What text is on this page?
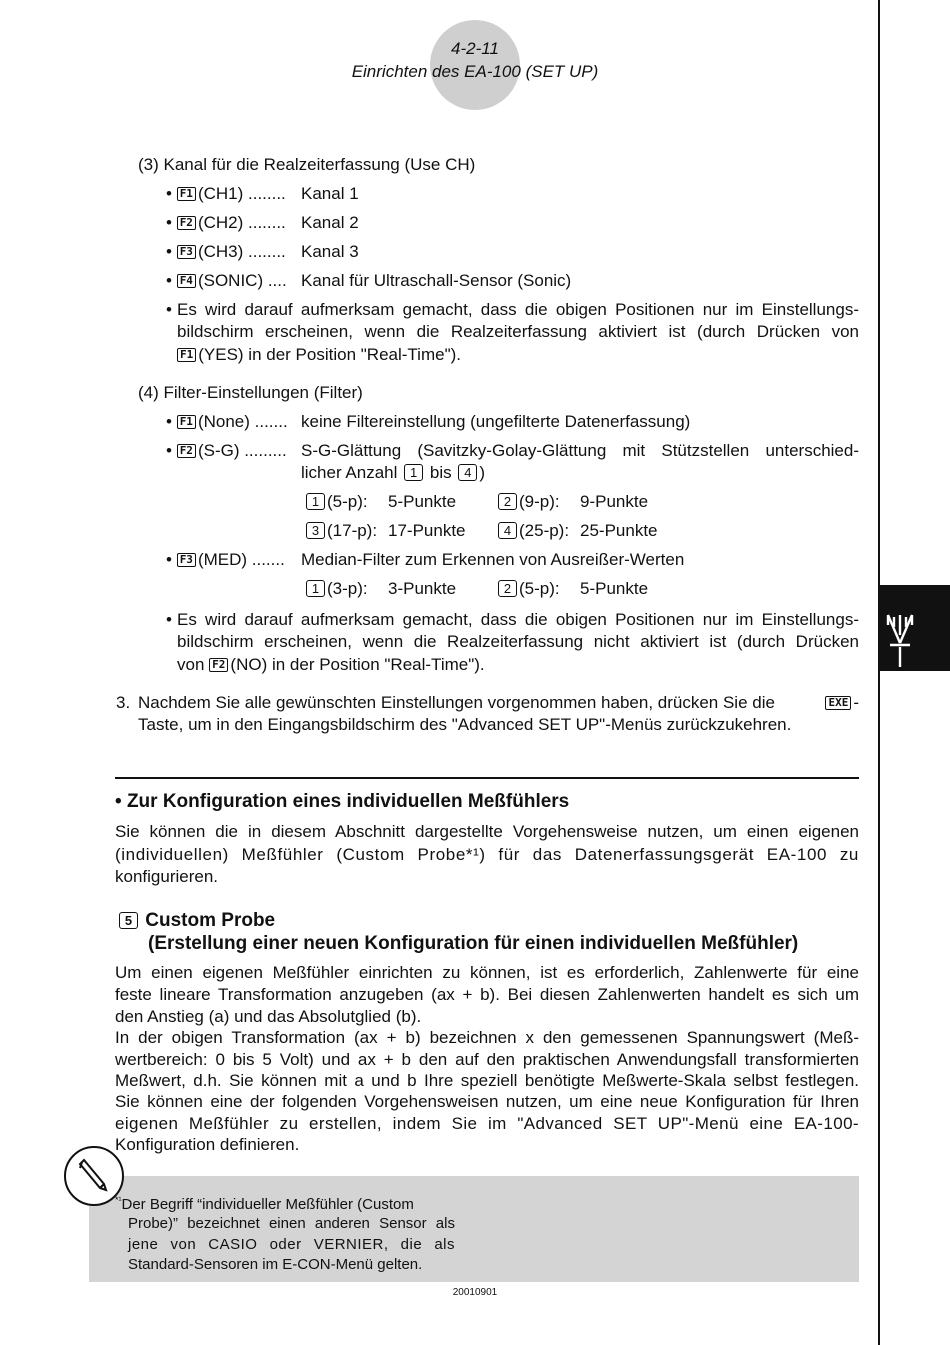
4-2-11
Einrichten des EA-100 (SET UP)
(3) Kanal für die Realzeiterfassung (Use CH)
• F1 (CH1) ........ Kanal 1
• F2 (CH2) ........ Kanal 2
• F3 (CH3) ........ Kanal 3
• F4 (SONIC) .... Kanal für Ultraschall-Sensor (Sonic)
• Es wird darauf aufmerksam gemacht, dass die obigen Positionen nur im Einstellungs-
bildschirm erscheinen, wenn die Realzeiterfassung aktiviert ist (durch Drücken von
F1 (YES) in der Position "Real-Time").
(4) Filter-Einstellungen (Filter)
• F1 (None) ....... keine Filtereinstellung (ungefilterte Datenerfassung)
• F2 (S-G) ......... S-G-Glättung (Savitzky-Golay-Glättung mit Stützstellen unterschied-
licher Anzahl 1 bis 4 )
1 (5-p): 5-Punkte	2 (9-p): 9-Punkte
3 (17-p): 17-Punkte	4 (25-p): 25-Punkte
• F3 (MED) ....... Median-Filter zum Erkennen von Ausreißer-Werten
1 (3-p): 3-Punkte	2 (5-p): 5-Punkte
• Es wird darauf aufmerksam gemacht, dass die obigen Positionen nur im Einstellungs-
bildschirm erscheinen, wenn die Realzeiterfassung nicht aktiviert ist (durch Drücken
von F2 (NO) in der Position "Real-Time").
3. Nachdem Sie alle gewünschten Einstellungen vorgenommen haben, drücken Sie die	EXE -
Taste, um in den Eingangsbildschirm des "Advanced SET UP"-Menüs zurückzukehren.
• Zur Konfiguration eines individuellen Meßfühlers
Sie können die in diesem Abschnitt dargestellte Vorgehensweise nutzen, um einen eigenen
(individuellen) Meßfühler (Custom Probe*¹) für das Datenerfassungsgerät EA-100 zu
konfigurieren.
5 Custom Probe
(Erstellung einer neuen Konfiguration für einen individuellen Meßfühler)
Um einen eigenen Meßfühler einrichten zu können, ist es erforderlich, Zahlenwerte für eine
feste lineare Transformation anzugeben (ax + b). Bei diesen Zahlenwerten handelt es sich um
den Anstieg (a) und das Absolutglied (b).
In der obigen Transformation (ax + b) bezeichnen x den gemessenen Spannungswert (Meß-
wertbereich: 0 bis 5 Volt) und ax + b den auf den praktischen Anwendungsfall transformierten
Meßwert, d.h. Sie können mit a und b Ihre speziell benötigte Meßwerte-Skala selbst festlegen.
Sie können eine der folgenden Vorgehensweisen nutzen, um eine neue Konfiguration für Ihren
eigenen Meßfühler zu erstellen, indem Sie im "Advanced SET UP"-Menü eine EA-100-
Konfiguration definieren.
$^{*^1}$Der Begriff “individueller Meßfühler (Custom
Probe)” bezeichnet einen anderen Sensor als
jene von CASIO oder VERNIER, die als
Standard-Sensoren im E-CON-Menü gelten.
20010901
